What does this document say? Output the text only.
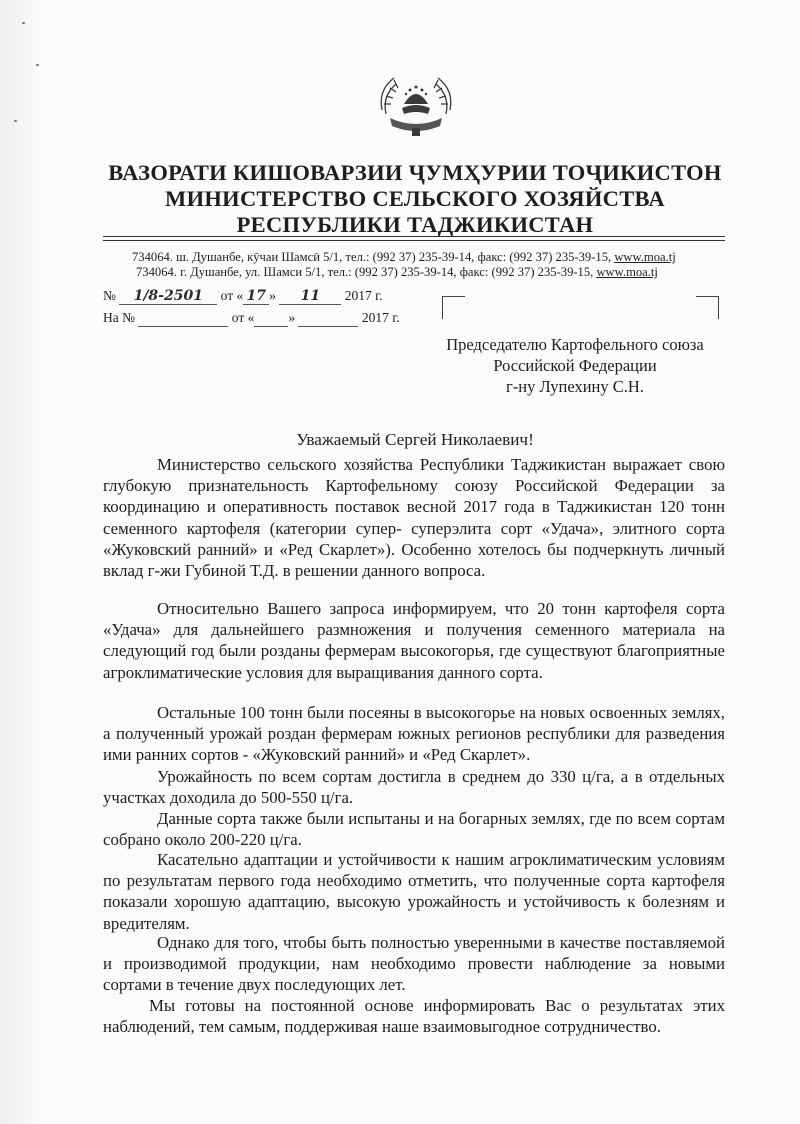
ВАЗОРАТИ КИШОВАРЗИИ ҶУМҲУРИИ ТОҶИКИСТОН
МИНИСТЕРСТВО СЕЛЬСКОГО ХОЗЯЙСТВА
РЕСПУБЛИКИ ТАДЖИКИСТАН
734064. ш. Душанбе, кӯчаи Шамсӣ 5/1, тел.: (992 37) 235-39-14, факс: (992 37) 235-39-15, www.moa.tj
734064. г. Душанбе, ул. Шамси 5/1, тел.: (992 37) 235-39-14, факс: (992 37) 235-39-15, www.moa.tj
№ 1/8-2501 от « 17 » 11 2017 г.
На №	от «	»	2017 г.
Председателю Картофельного союза
Российской Федерации
г-ну Лупехину С.Н.
Уважаемый Сергей Николаевич!

Министерство сельского хозяйства Республики Таджикистан выражает свою глубокую признательность Картофельному союзу Российской Федерации за координацию и оперативность поставок весной 2017 года в Таджикистан 120 тонн семенного картофеля (категории супер- суперэлита сорт «Удача», элитного сорта «Жуковский ранний» и «Ред Скарлет»). Особенно хотелось бы подчеркнуть личный вклад г-жи Губиной Т.Д. в решении данного вопроса.

Относительно Вашего запроса информируем, что 20 тонн картофеля сорта «Удача» для дальнейшего размножения и получения семенного материала на следующий год были розданы фермерам высокогорья, где существуют благоприятные агроклиматические условия для выращивания данного сорта.

Остальные 100 тонн были посеяны в высокогорье на новых освоенных землях, а полученный урожай роздан фермерам южных регионов республики для разведения ими ранних сортов - «Жуковский ранний» и «Ред Скарлет».

Урожайность по всем сортам достигла в среднем до 330 ц/га, а в отдельных участках доходила до 500-550 ц/га.

Данные сорта также были испытаны и на богарных землях, где по всем сортам собрано около 200-220 ц/га.

Касательно адаптации и устойчивости к нашим агроклиматическим условиям по результатам первого года необходимо отметить, что полученные сорта картофеля показали хорошую адаптацию, высокую урожайность и устойчивость к болезням и вредителям.

Однако для того, чтобы быть полностью уверенными в качестве поставляемой и производимой продукции, нам необходимо провести наблюдение за новыми сортами в течение двух последующих лет.

Мы готовы на постоянной основе информировать Вас о результатах этих наблюдений, тем самым, поддерживая наше взаимовыгодное сотрудничество.
